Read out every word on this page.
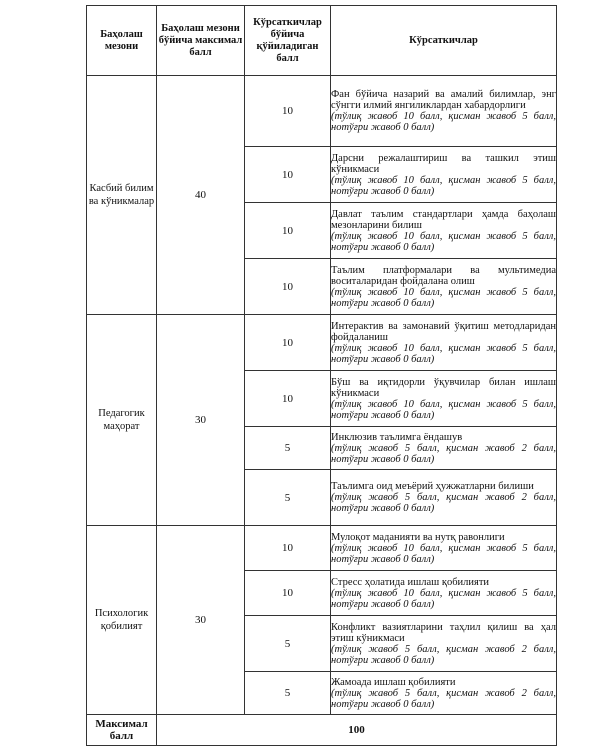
Баҳолаш мезони	Баҳолаш мезони бўйича максимал балл	Кўрсаткичлар бўйича қўйиладиган балл	Кўрсаткичлар
Касбий билим ва кўникмалар	40	10	Фан бўйича назарий ва амалий билимлар, энг сўнгги илмий янгиликлардан хабардорлиги
(тўлиқ жавоб 10 балл, қисман жавоб 5 балл, нотўғри жавоб 0 балл)

		10	Дарсни режалаштириш ва ташкил этиш кўникмаси
(тўлиқ жавоб 10 балл, қисман жавоб 5 балл, нотўғри жавоб 0 балл)

		10	Давлат таълим стандартлари ҳамда баҳолаш мезонларини билиш
(тўлиқ жавоб 10 балл, қисман жавоб 5 балл, нотўғри жавоб 0 балл)

		10	Таълим платформалари ва мультимедиа воситаларидан фойдалана олиш
(тўлиқ жавоб 10 балл, қисман жавоб 5 балл, нотўғри жавоб 0 балл)

Педагогик маҳорат	30	10	Интерактив ва замонавий ўқитиш методларидан фойдаланиш
(тўлиқ жавоб 10 балл, қисман жавоб 5 балл, нотўғри жавоб 0 балл)

		10	Бўш ва иқтидорли ўқувчилар билан ишлаш кўникмаси
(тўлиқ жавоб 10 балл, қисман жавоб 5 балл, нотўғри жавоб 0 балл)

		5	Инклюзив таълимга ёндашув
(тўлиқ жавоб 5 балл, қисман жавоб 2 балл, нотўғри жавоб 0 балл)

		5	Таълимга оид меъёрий ҳужжатларни билиши
(тўлиқ жавоб 5 балл, қисман жавоб 2 балл, нотўғри жавоб 0 балл)

Психологик қобилият	30	10	Мулоқот маданияти ва нутқ равонлиги
(тўлиқ жавоб 10 балл, қисман жавоб 5 балл, нотўғри жавоб 0 балл)

		10	Стресс ҳолатида ишлаш қобилияти
(тўлиқ жавоб 10 балл, қисман жавоб 5 балл, нотўғри жавоб 0 балл)

		5	Конфликт вазиятларини таҳлил қилиш ва ҳал этиш кўникмаси
(тўлиқ жавоб 5 балл, қисман жавоб 2 балл, нотўғри жавоб 0 балл)

		5	Жамоада ишлаш қобилияти
(тўлиқ жавоб 5 балл, қисман жавоб 2 балл, нотўғри жавоб 0 балл)

Максимал балл	100		
